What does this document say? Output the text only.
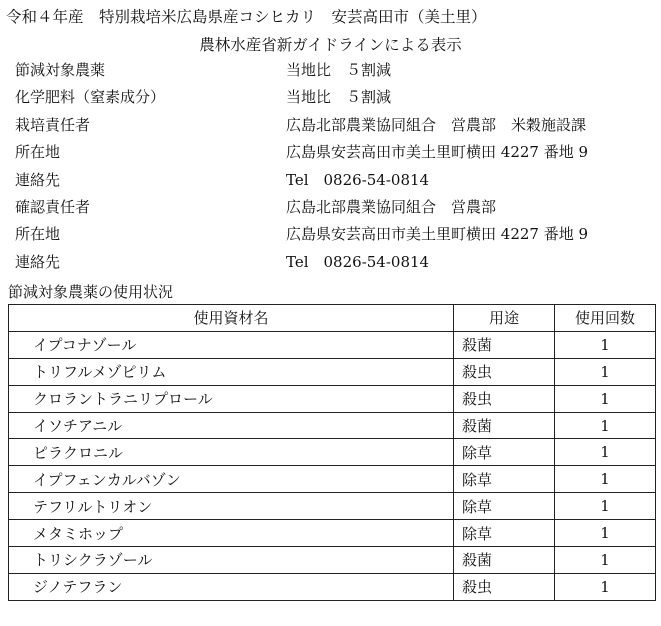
令和４年産　特別栽培米広島県産コシヒカリ　安芸高田市（美土里）
農林水産省新ガイドラインによる表示
節減対象農薬	当地比　５割減
化学肥料（窒素成分）	当地比　５割減
栽培責任者	広島北部農業協同組合　営農部　米穀施設課
所在地	広島県安芸高田市美土里町横田 4227 番地 9
連絡先	Tel　0826-54-0814
確認責任者	広島北部農業協同組合　営農部
所在地	広島県安芸高田市美土里町横田 4227 番地 9
連絡先	Tel　0826-54-0814
節減対象農薬の使用状況
使用資材名	用途	使用回数
イプコナゾール	殺菌	1
トリフルメゾピリム	殺虫	1
クロラントラニリプロール	殺虫	1
イソチアニル	殺菌	1
ピラクロニル	除草	1
イプフェンカルバゾン	除草	1
テフリルトリオン	除草	1
メタミホップ	除草	1
トリシクラゾール	殺菌	1
ジノテフラン	殺虫	1
